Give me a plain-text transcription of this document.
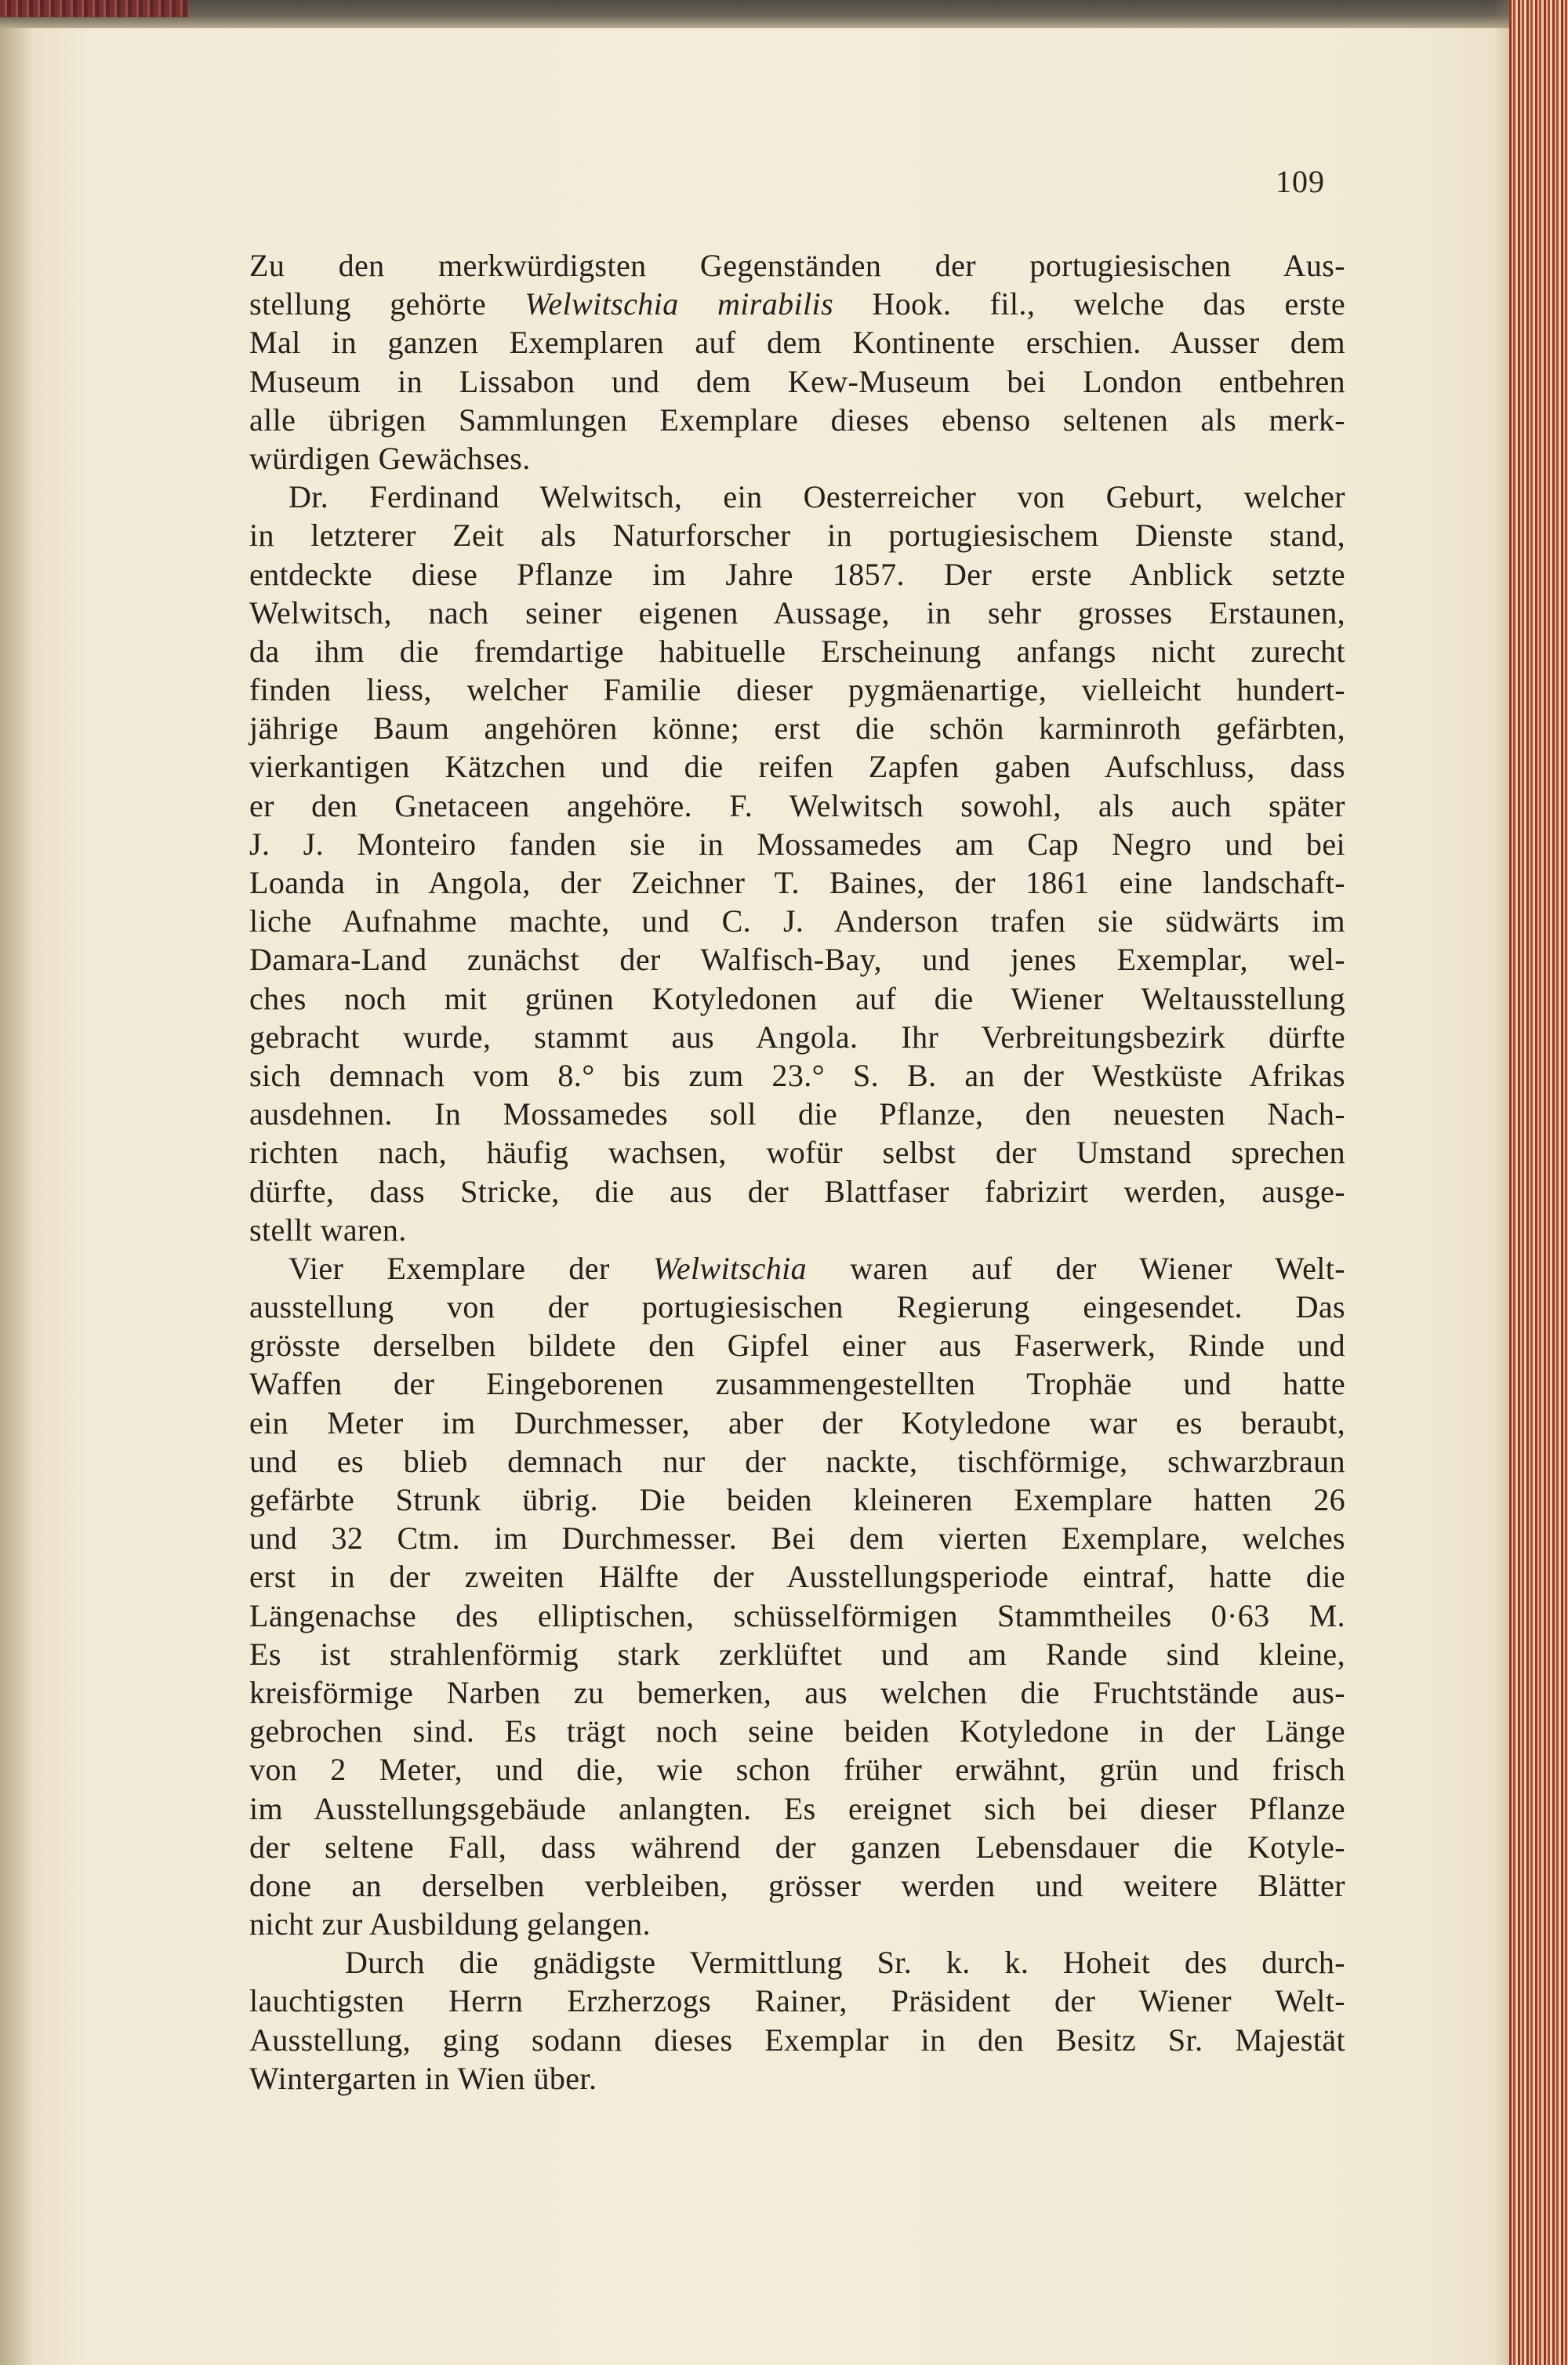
109
Zu den merkwürdigsten Gegenständen der portugiesischen Aus-
stellung gehörte Welwitschia mirabilis Hook. fil., welche das erste
Mal in ganzen Exemplaren auf dem Kontinente erschien. Ausser dem
Museum in Lissabon und dem Kew-Museum bei London entbehren
alle übrigen Sammlungen Exemplare dieses ebenso seltenen als merk-
würdigen Gewächses.
Dr. Ferdinand Welwitsch, ein Oesterreicher von Geburt, welcher
in letzterer Zeit als Naturforscher in portugiesischem Dienste stand,
entdeckte diese Pflanze im Jahre 1857. Der erste Anblick setzte
Welwitsch, nach seiner eigenen Aussage, in sehr grosses Erstaunen,
da ihm die fremdartige habituelle Erscheinung anfangs nicht zurecht
finden liess, welcher Familie dieser pygmäenartige, vielleicht hundert-
jährige Baum angehören könne; erst die schön karminroth gefärbten,
vierkantigen Kätzchen und die reifen Zapfen gaben Aufschluss, dass
er den Gnetaceen angehöre. F. Welwitsch sowohl, als auch später
J. J. Monteiro fanden sie in Mossamedes am Cap Negro und bei
Loanda in Angola, der Zeichner T. Baines, der 1861 eine landschaft-
liche Aufnahme machte, und C. J. Anderson trafen sie südwärts im
Damara-Land zunächst der Walfisch-Bay, und jenes Exemplar, wel-
ches noch mit grünen Kotyledonen auf die Wiener Weltausstellung
gebracht wurde, stammt aus Angola. Ihr Verbreitungsbezirk dürfte
sich demnach vom 8.° bis zum 23.° S. B. an der Westküste Afrikas
ausdehnen. In Mossamedes soll die Pflanze, den neuesten Nach-
richten nach, häufig wachsen, wofür selbst der Umstand sprechen
dürfte, dass Stricke, die aus der Blattfaser fabrizirt werden, ausge-
stellt waren.
Vier Exemplare der Welwitschia waren auf der Wiener Welt-
ausstellung von der portugiesischen Regierung eingesendet. Das
grösste derselben bildete den Gipfel einer aus Faserwerk, Rinde und
Waffen der Eingeborenen zusammengestellten Trophäe und hatte
ein Meter im Durchmesser, aber der Kotyledone war es beraubt,
und es blieb demnach nur der nackte, tischförmige, schwarzbraun
gefärbte Strunk übrig. Die beiden kleineren Exemplare hatten 26
und 32 Ctm. im Durchmesser. Bei dem vierten Exemplare, welches
erst in der zweiten Hälfte der Ausstellungsperiode eintraf, hatte die
Längenachse des elliptischen, schüsselförmigen Stammtheiles 0·63 M.
Es ist strahlenförmig stark zerklüftet und am Rande sind kleine,
kreisförmige Narben zu bemerken, aus welchen die Fruchtstände aus-
gebrochen sind. Es trägt noch seine beiden Kotyledone in der Länge
von 2 Meter, und die, wie schon früher erwähnt, grün und frisch
im Ausstellungsgebäude anlangten. Es ereignet sich bei dieser Pflanze
der seltene Fall, dass während der ganzen Lebensdauer die Kotyle-
done an derselben verbleiben, grösser werden und weitere Blätter
nicht zur Ausbildung gelangen.
Durch die gnädigste Vermittlung Sr. k. k. Hoheit des durch-
lauchtigsten Herrn Erzherzogs Rainer, Präsident der Wiener Welt-
Ausstellung, ging sodann dieses Exemplar in den Besitz Sr. Majestät
Wintergarten in Wien über.
